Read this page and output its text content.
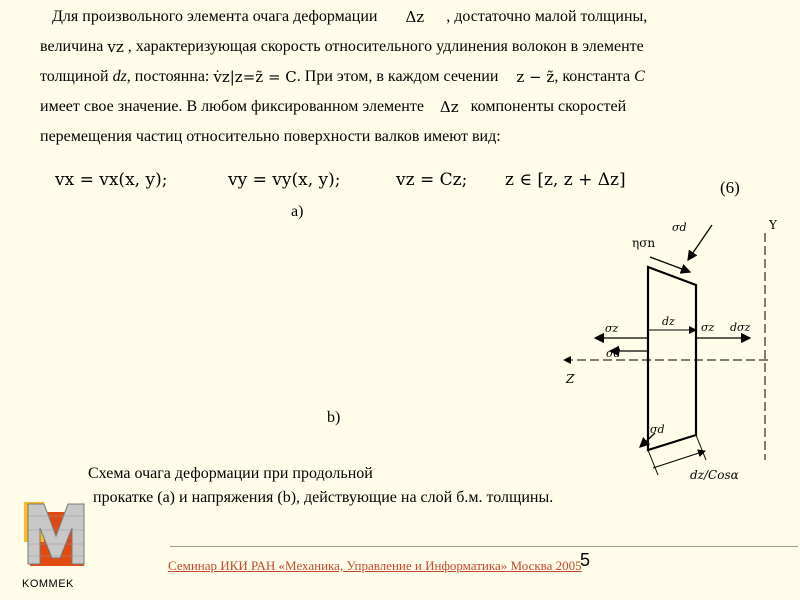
Для произвольного элемента очага деформации Δz , достаточно малой толщины,

величина vz , характеризующая скорость относительного удлинения волокон в элементе

толщиной dz, постоянна: v̇z|z=z̃ = C. При этом, в каждом сечении z − z̃, константа C

имеет свое значение. В любом фиксированном элементе Δz компоненты скоростей

перемещения частиц относительно поверхности валков имеют вид:

vx = vx(x, y);	vy = vy(x, y);	vz = Cz; z ∈ [z, z + Δz]	(6)
a)
b)
σd
ησn
Y
σz
dz σz dσz
σd
Z
σd
dz/Cosα
Схема очага деформации при продольной
прокатке (a) и напряжения (b), действующие на слой б.м. толщины.
KOMMEK
5
Семинар ИКИ РАН «Механика, Управление и Информатика» Москва 2005
